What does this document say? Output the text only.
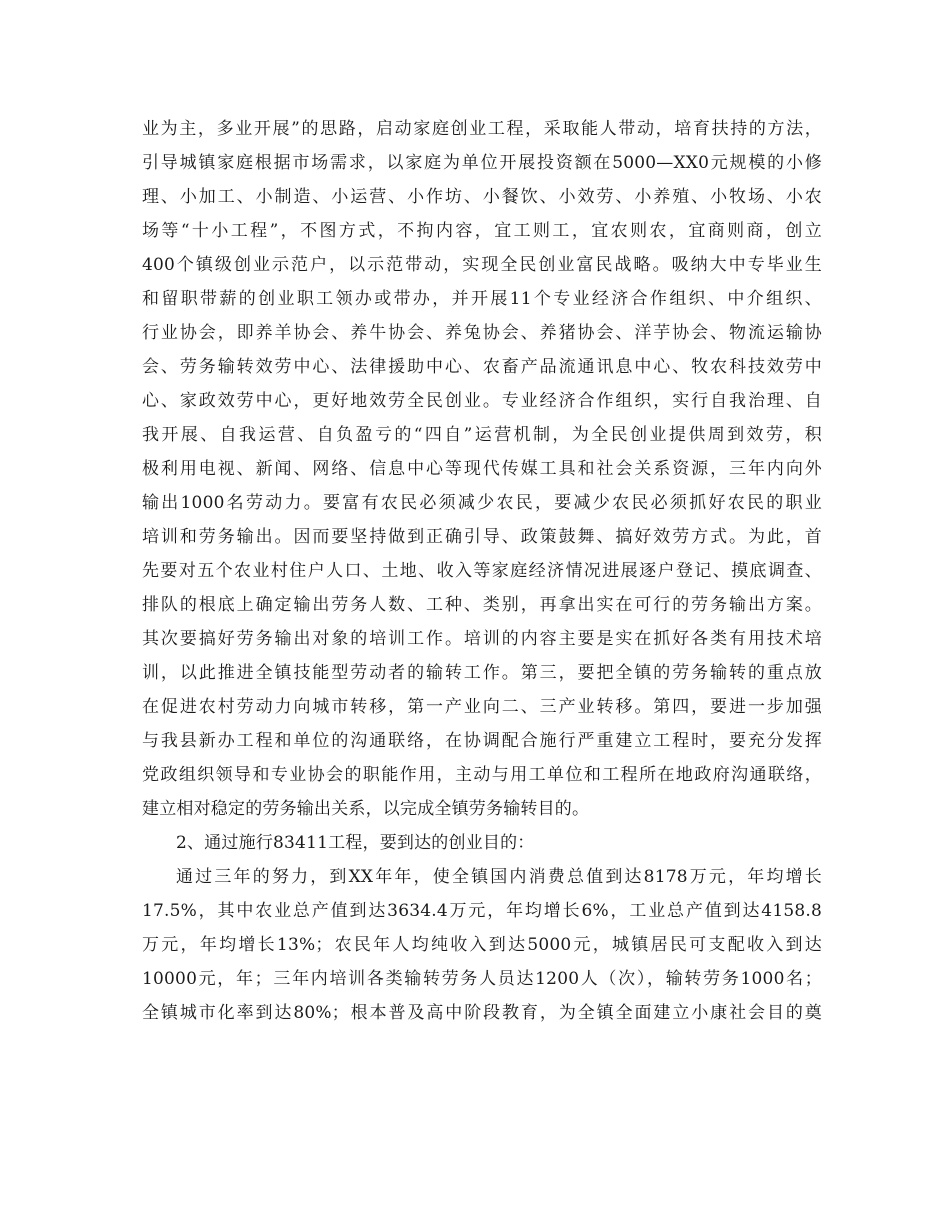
业为主，多业开展”的思路，启动家庭创业工程，采取能人带动，培育扶持的方法，
引导城镇家庭根据市场需求，以家庭为单位开展投资额在5000—XX0元规模的小修
理、小加工、小制造、小运营、小作坊、小餐饮、小效劳、小养殖、小牧场、小农
场等“十小工程”，不图方式，不拘内容，宜工则工，宜农则农，宜商则商，创立
400个镇级创业示范户，以示范带动，实现全民创业富民战略。吸纳大中专毕业生
和留职带薪的创业职工领办或带办，并开展11个专业经济合作组织、中介组织、
行业协会，即养羊协会、养牛协会、养兔协会、养猪协会、洋芋协会、物流运输协
会、劳务输转效劳中心、法律援助中心、农畜产品流通讯息中心、牧农科技效劳中
心、家政效劳中心，更好地效劳全民创业。专业经济合作组织，实行自我治理、自
我开展、自我运营、自负盈亏的“四自”运营机制，为全民创业提供周到效劳，积
极利用电视、新闻、网络、信息中心等现代传媒工具和社会关系资源，三年内向外
输出1000名劳动力。要富有农民必须减少农民，要减少农民必须抓好农民的职业
培训和劳务输出。因而要坚持做到正确引导、政策鼓舞、搞好效劳方式。为此，首
先要对五个农业村住户人口、土地、收入等家庭经济情况进展逐户登记、摸底调查、
排队的根底上确定输出劳务人数、工种、类别，再拿出实在可行的劳务输出方案。
其次要搞好劳务输出对象的培训工作。培训的内容主要是实在抓好各类有用技术培
训，以此推进全镇技能型劳动者的输转工作。第三，要把全镇的劳务输转的重点放
在促进农村劳动力向城市转移，第一产业向二、三产业转移。第四，要进一步加强
与我县新办工程和单位的沟通联络，在协调配合施行严重建立工程时，要充分发挥
党政组织领导和专业协会的职能作用，主动与用工单位和工程所在地政府沟通联络，
建立相对稳定的劳务输出关系，以完成全镇劳务输转目的。
2、通过施行83411工程，要到达的创业目的：
通过三年的努力，到XX年年，使全镇国内消费总值到达8178万元，年均增长
17.5%，其中农业总产值到达3634.4万元，年均增长6%，工业总产值到达4158.8
万元，年均增长13%；农民年人均纯收入到达5000元，城镇居民可支配收入到达
10000元，年；三年内培训各类输转劳务人员达1200人（次），输转劳务1000名；
全镇城市化率到达80%；根本普及高中阶段教育，为全镇全面建立小康社会目的奠
